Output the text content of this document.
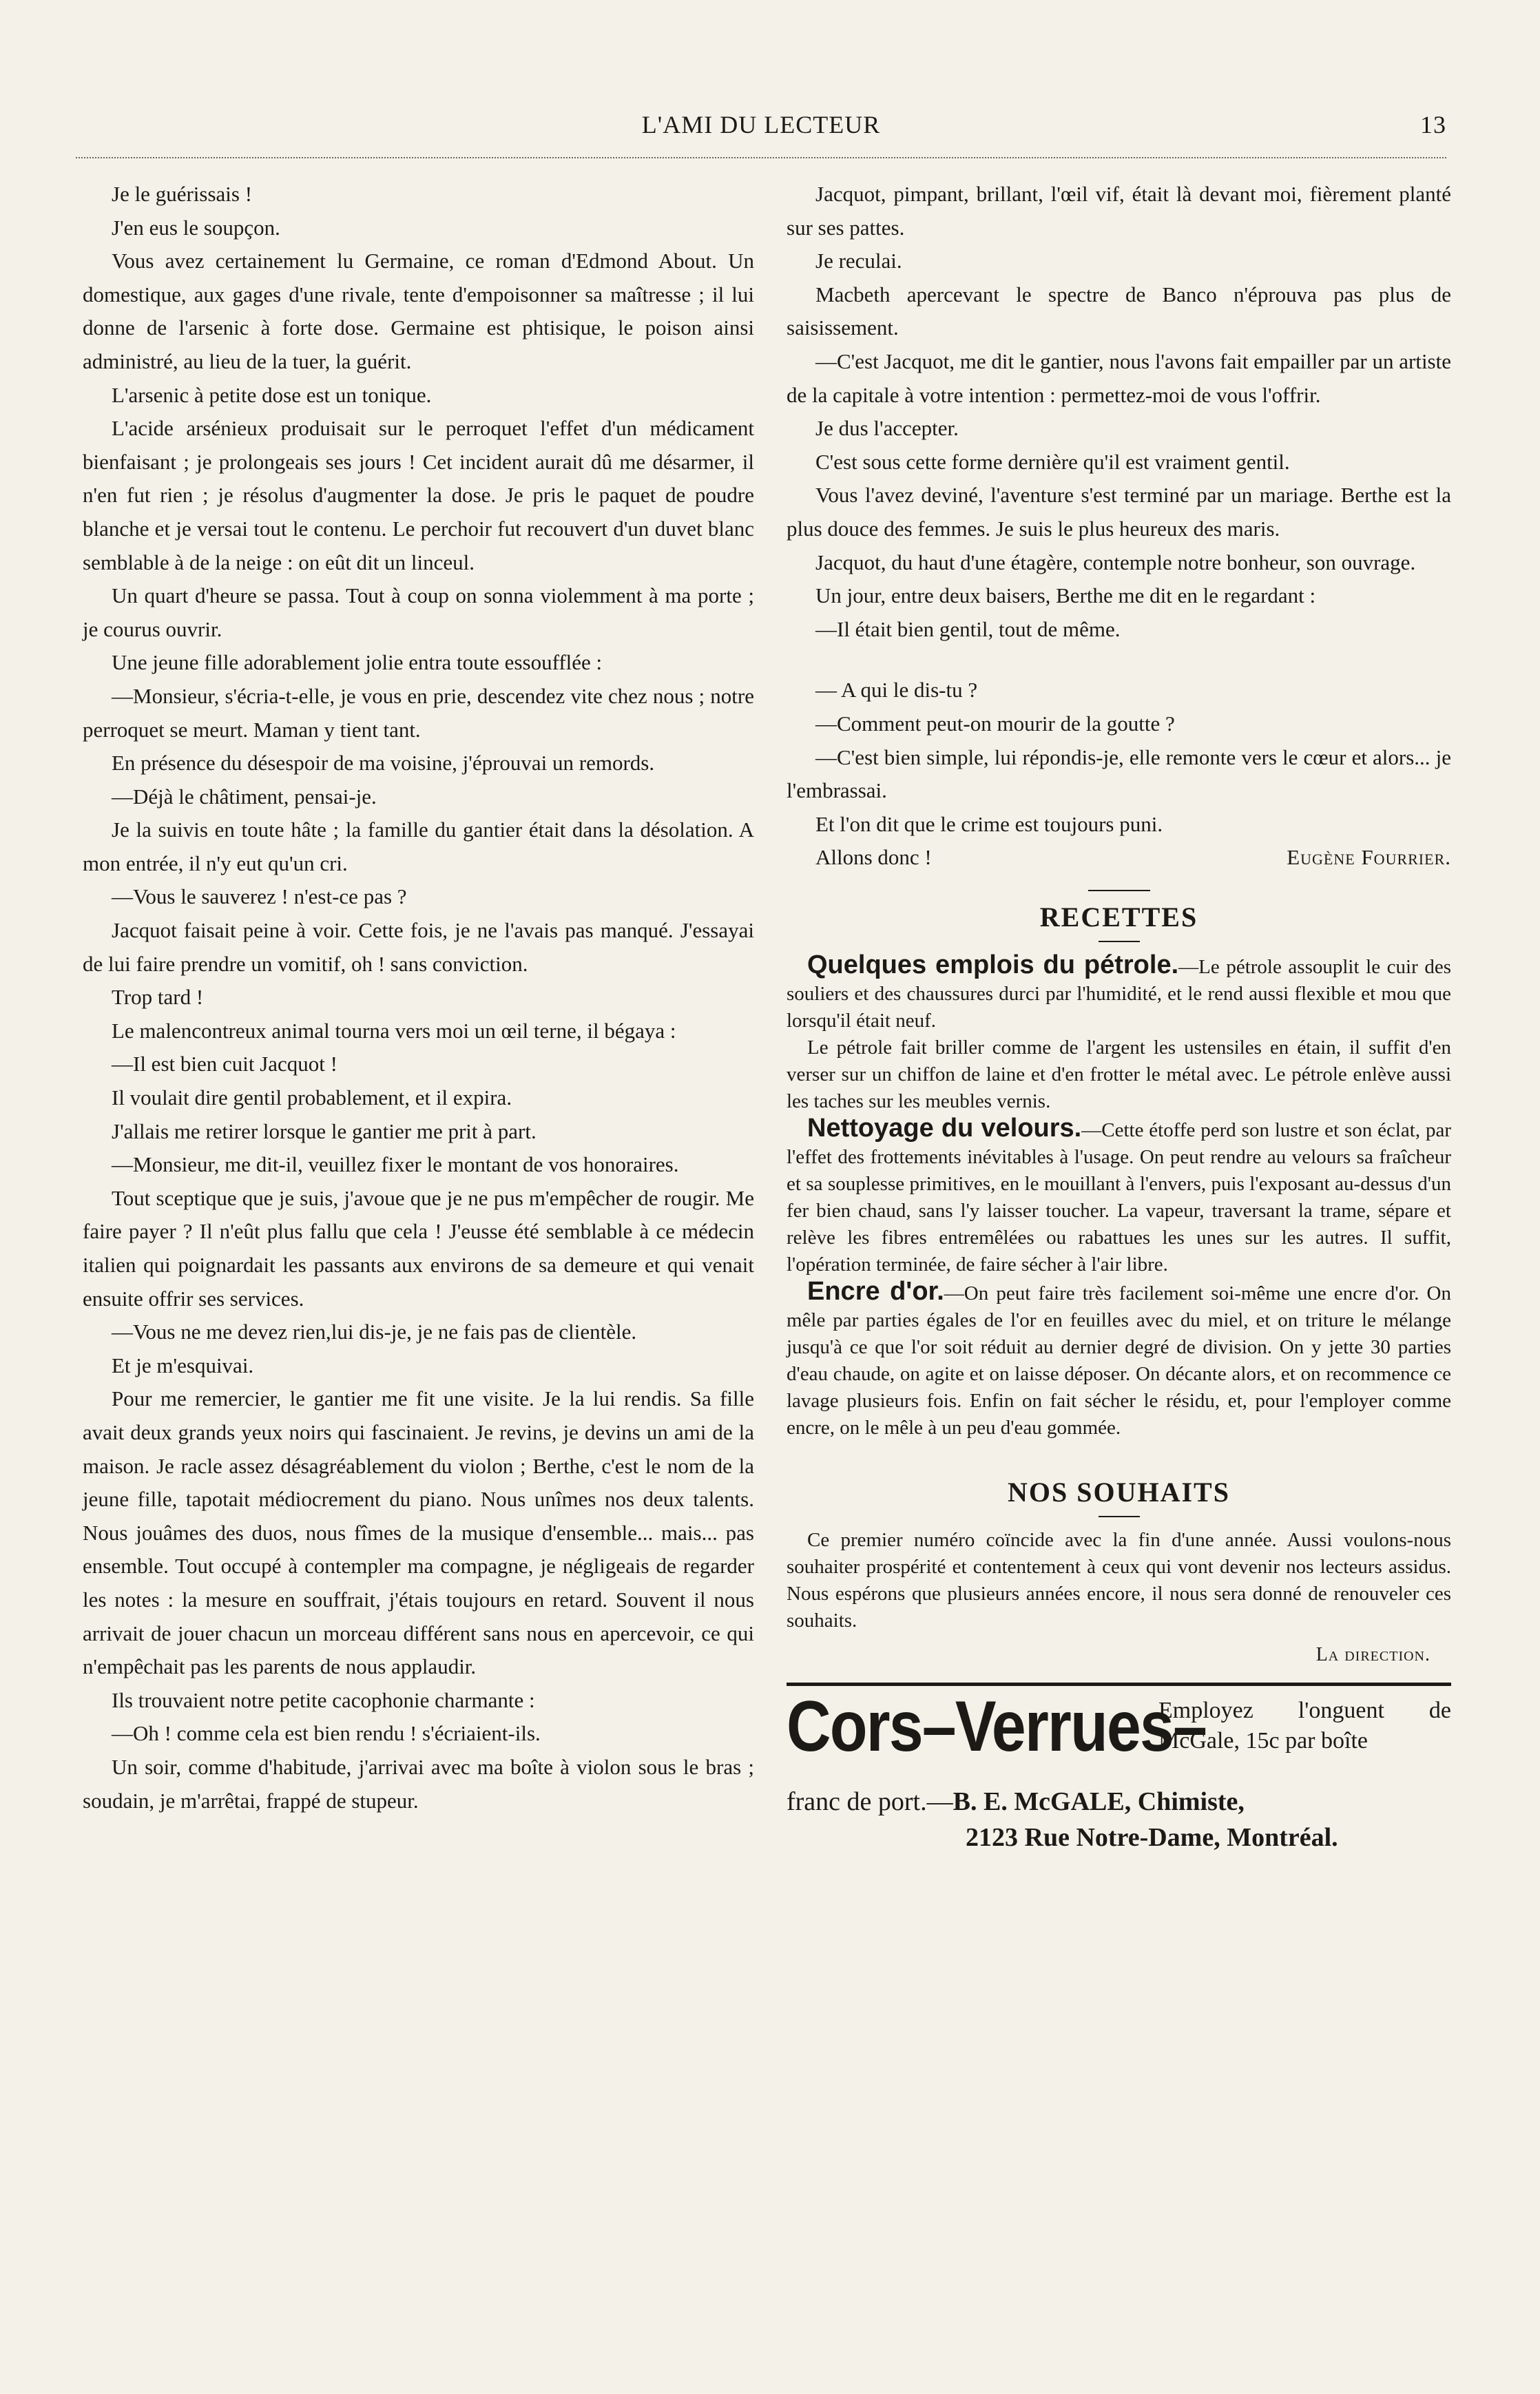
L'AMI DU LECTEUR	13

Je le guérissais !

J'en eus le soupçon.

Vous avez certainement lu Germaine, ce roman d'Edmond About. Un domestique, aux gages d'une rivale, tente d'empoisonner sa maîtresse ; il lui donne de l'arsenic à forte dose. Germaine est phtisique, le poison ainsi administré, au lieu de la tuer, la guérit.

L'arsenic à petite dose est un tonique.

L'acide arsénieux produisait sur le perroquet l'effet d'un médicament bienfaisant ; je prolongeais ses jours ! Cet incident aurait dû me désarmer, il n'en fut rien ; je résolus d'augmenter la dose. Je pris le paquet de poudre blanche et je versai tout le contenu. Le perchoir fut recouvert d'un duvet blanc semblable à de la neige : on eût dit un linceul.

Un quart d'heure se passa. Tout à coup on sonna violemment à ma porte ; je courus ouvrir.

Une jeune fille adorablement jolie entra toute essoufflée :

—Monsieur, s'écria-t-elle, je vous en prie, descendez vite chez nous ; notre perroquet se meurt. Maman y tient tant.

En présence du désespoir de ma voisine, j'éprouvai un remords.

—Déjà le châtiment, pensai-je.

Je la suivis en toute hâte ; la famille du gantier était dans la désolation. A mon entrée, il n'y eut qu'un cri.

—Vous le sauverez ! n'est-ce pas ?

Jacquot faisait peine à voir. Cette fois, je ne l'avais pas manqué. J'essayai de lui faire prendre un vomitif, oh ! sans conviction.

Trop tard !

Le malencontreux animal tourna vers moi un œil terne, il bégaya :

—Il est bien cuit Jacquot !

Il voulait dire gentil probablement, et il expira.

J'allais me retirer lorsque le gantier me prit à part.

—Monsieur, me dit-il, veuillez fixer le montant de vos honoraires.

Tout sceptique que je suis, j'avoue que je ne pus m'empêcher de rougir. Me faire payer ? Il n'eût plus fallu que cela ! J'eusse été semblable à ce médecin italien qui poignardait les passants aux environs de sa demeure et qui venait ensuite offrir ses services.

—Vous ne me devez rien,lui dis-je, je ne fais pas de clientèle.

Et je m'esquivai.

Pour me remercier, le gantier me fit une visite. Je la lui rendis. Sa fille avait deux grands yeux noirs qui fascinaient. Je revins, je devins un ami de la maison. Je racle assez désagréablement du violon ; Berthe, c'est le nom de la jeune fille, tapotait médiocrement du piano. Nous unîmes nos deux talents. Nous jouâmes des duos, nous fîmes de la musique d'ensemble... mais... pas ensemble. Tout occupé à contempler ma compagne, je négligeais de regarder les notes : la mesure en souffrait, j'étais toujours en retard. Souvent il nous arrivait de jouer chacun un morceau différent sans nous en apercevoir, ce qui n'empêchait pas les parents de nous applaudir.

Ils trouvaient notre petite cacophonie charmante :

—Oh ! comme cela est bien rendu ! s'écriaient-ils.

Un soir, comme d'habitude, j'arrivai avec ma boîte à violon sous le bras ; soudain, je m'arrêtai, frappé de stupeur.

Jacquot, pimpant, brillant, l'œil vif, était là devant moi, fièrement planté sur ses pattes.

Je reculai.

Macbeth apercevant le spectre de Banco n'éprouva pas plus de saisissement.

—C'est Jacquot, me dit le gantier, nous l'avons fait empailler par un artiste de la capitale à votre intention : permettez-moi de vous l'offrir.

Je dus l'accepter.

C'est sous cette forme dernière qu'il est vraiment gentil.

Vous l'avez deviné, l'aventure s'est terminé par un mariage. Berthe est la plus douce des femmes. Je suis le plus heureux des maris.

Jacquot, du haut d'une étagère, contemple notre bonheur, son ouvrage.

Un jour, entre deux baisers, Berthe me dit en le regardant :

—Il était bien gentil, tout de même.

— A qui le dis-tu ?

—Comment peut-on mourir de la goutte ?

—C'est bien simple, lui répondis-je, elle remonte vers le cœur et alors... je l'embrassai.

Et l'on dit que le crime est toujours puni.

Allons donc !	Eugène Fourrier.

RECETTES

Quelques emplois du pétrole.—Le pétrole assouplit le cuir des souliers et des chaussures durci par l'humidité, et le rend aussi flexible et mou que lorsqu'il était neuf.

Le pétrole fait briller comme de l'argent les ustensiles en étain, il suffit d'en verser sur un chiffon de laine et d'en frotter le métal avec. Le pétrole enlève aussi les taches sur les meubles vernis.

Nettoyage du velours.—Cette étoffe perd son lustre et son éclat, par l'effet des frottements inévitables à l'usage. On peut rendre au velours sa fraîcheur et sa souplesse primitives, en le mouillant à l'envers, puis l'exposant au-dessus d'un fer bien chaud, sans l'y laisser toucher. La vapeur, traversant la trame, sépare et relève les fibres entremêlées ou rabattues les unes sur les autres. Il suffit, l'opération terminée, de faire sécher à l'air libre.

Encre d'or.—On peut faire très facilement soi-même une encre d'or. On mêle par parties égales de l'or en feuilles avec du miel, et on triture le mélange jusqu'à ce que l'or soit réduit au dernier degré de division. On y jette 30 parties d'eau chaude, on agite et on laisse déposer. On décante alors, et on recommence ce lavage plusieurs fois. Enfin on fait sécher le résidu, et, pour l'employer comme encre, on le mêle à un peu d'eau gommée.

NOS SOUHAITS

Ce premier numéro coïncide avec la fin d'une année. Aussi voulons-nous souhaiter prospérité et contentement à ceux qui vont devenir nos lecteurs assidus. Nous espérons que plusieurs années encore, il nous sera donné de renouveler ces souhaits.

La direction.
Cors–Verrues–
Employez l'onguent de McGale, 15c par boîte
franc de port.—B. E. McGALE, Chimiste,
2123 Rue Notre-Dame, Montréal.
